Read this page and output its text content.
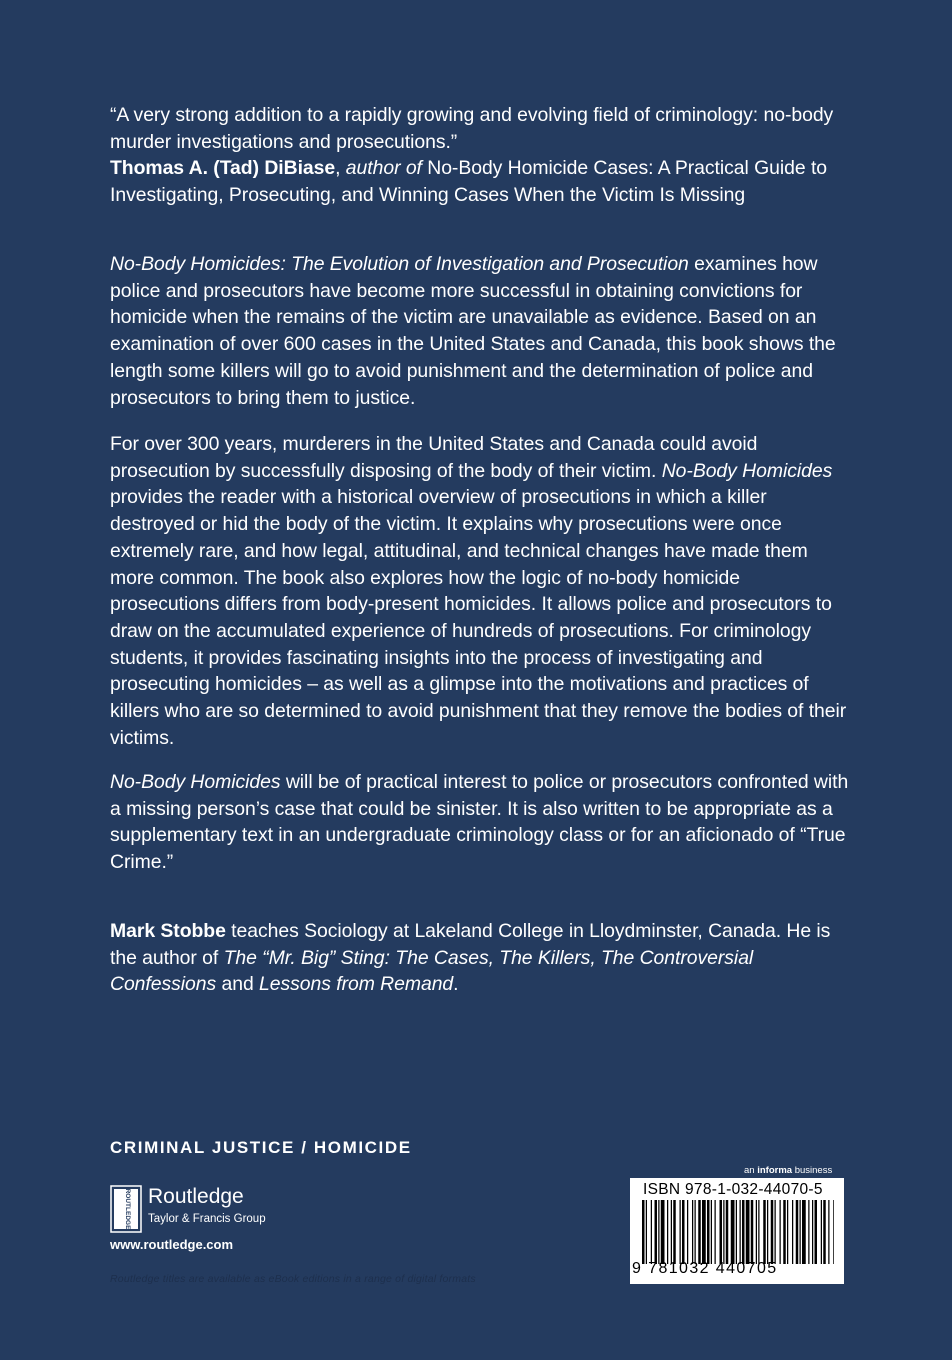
“A very strong addition to a rapidly growing and evolving field of criminology: no-body murder investigations and prosecutions.”
Thomas A. (Tad) DiBiase, author of No-Body Homicide Cases: A Practical Guide to Investigating, Prosecuting, and Winning Cases When the Victim Is Missing

No-Body Homicides: The Evolution of Investigation and Prosecution examines how police and prosecutors have become more successful in obtaining convictions for homicide when the remains of the victim are unavailable as evidence. Based on an examination of over 600 cases in the United States and Canada, this book shows the length some killers will go to avoid punishment and the determination of police and prosecutors to bring them to justice.

For over 300 years, murderers in the United States and Canada could avoid prosecution by successfully disposing of the body of their victim. No-Body Homicides provides the reader with a historical overview of prosecutions in which a killer destroyed or hid the body of the victim. It explains why prosecutions were once extremely rare, and how legal, attitudinal, and technical changes have made them more common. The book also explores how the logic of no-body homicide prosecutions differs from body-present homicides. It allows police and prosecutors to draw on the accumulated experience of hundreds of prosecutions. For criminology students, it provides fascinating insights into the process of investigating and prosecuting homicides – as well as a glimpse into the motivations and practices of killers who are so determined to avoid punishment that they remove the bodies of their victims.

No-Body Homicides will be of practical interest to police or prosecutors confronted with a missing person’s case that could be sinister. It is also written to be appropriate as a supplementary text in an undergraduate criminology class or for an aficionado of “True Crime.”

Mark Stobbe teaches Sociology at Lakeland College in Lloydminster, Canada. He is the author of The “Mr. Big” Sting: The Cases, The Killers, The Controversial Confessions and Lessons from Remand.

CRIMINAL JUSTICE / HOMICIDE
ROUTLEDGE Routledge
Taylor & Francis Group
www.routledge.com
Routledge titles are available as eBook editions in a range of digital formats
an informa business
ISBN 978-1-032-44070-5
9 781032 440705
